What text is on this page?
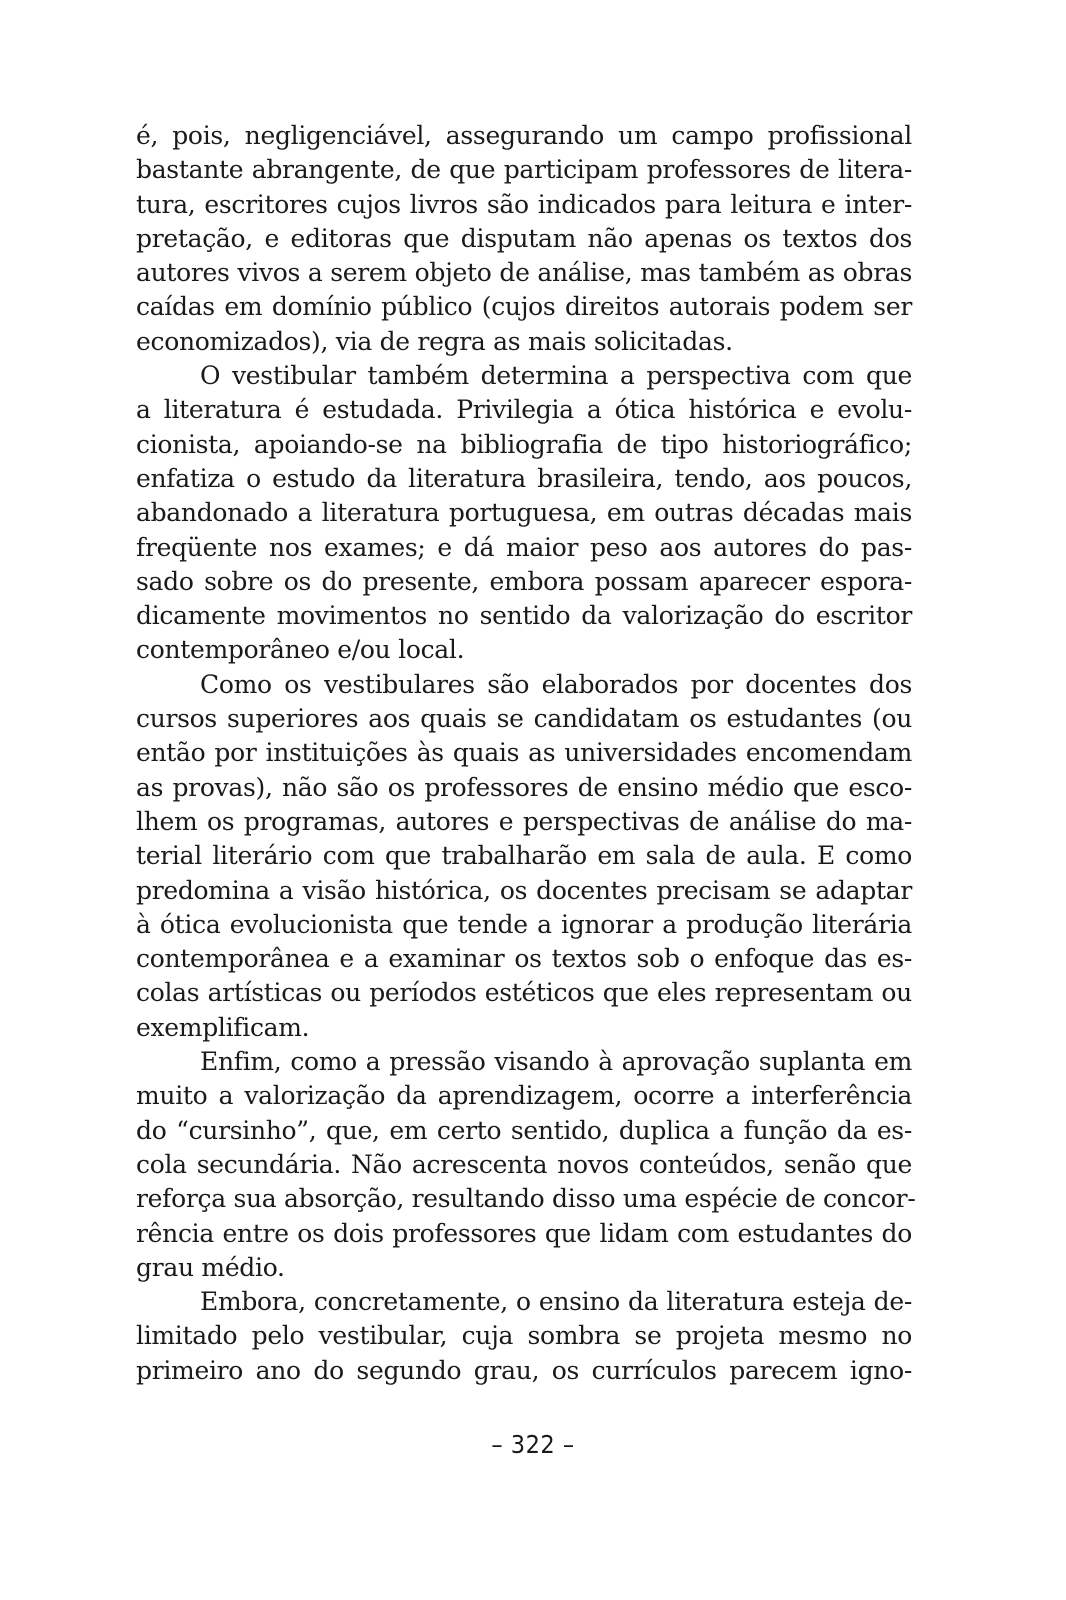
é, pois, negligenciável, assegurando um campo profissional
bastante abrangente, de que participam professores de litera-
tura, escritores cujos livros são indicados para leitura e inter-
pretação, e editoras que disputam não apenas os textos dos
autores vivos a serem objeto de análise, mas também as obras
caídas em domínio público (cujos direitos autorais podem ser
economizados), via de regra as mais solicitadas.
O vestibular também determina a perspectiva com que
a literatura é estudada. Privilegia a ótica histórica e evolu-
cionista, apoiando-se na bibliografia de tipo historiográfico;
enfatiza o estudo da literatura brasileira, tendo, aos poucos,
abandonado a literatura portuguesa, em outras décadas mais
freqüente nos exames; e dá maior peso aos autores do pas-
sado sobre os do presente, embora possam aparecer espora-
dicamente movimentos no sentido da valorização do escritor
contemporâneo e/ou local.
Como os vestibulares são elaborados por docentes dos
cursos superiores aos quais se candidatam os estudantes (ou
então por instituições às quais as universidades encomendam
as provas), não são os professores de ensino médio que esco-
lhem os programas, autores e perspectivas de análise do ma-
terial literário com que trabalharão em sala de aula. E como
predomina a visão histórica, os docentes precisam se adaptar
à ótica evolucionista que tende a ignorar a produção literária
contemporânea e a examinar os textos sob o enfoque das es-
colas artísticas ou períodos estéticos que eles representam ou
exemplificam.
Enfim, como a pressão visando à aprovação suplanta em
muito a valorização da aprendizagem, ocorre a interferência
do “cursinho”, que, em certo sentido, duplica a função da es-
cola secundária. Não acrescenta novos conteúdos, senão que
reforça sua absorção, resultando disso uma espécie de concor-
rência entre os dois professores que lidam com estudantes do
grau médio.
Embora, concretamente, o ensino da literatura esteja de-
limitado pelo vestibular, cuja sombra se projeta mesmo no
primeiro ano do segundo grau, os currículos parecem igno-
– 322 –
